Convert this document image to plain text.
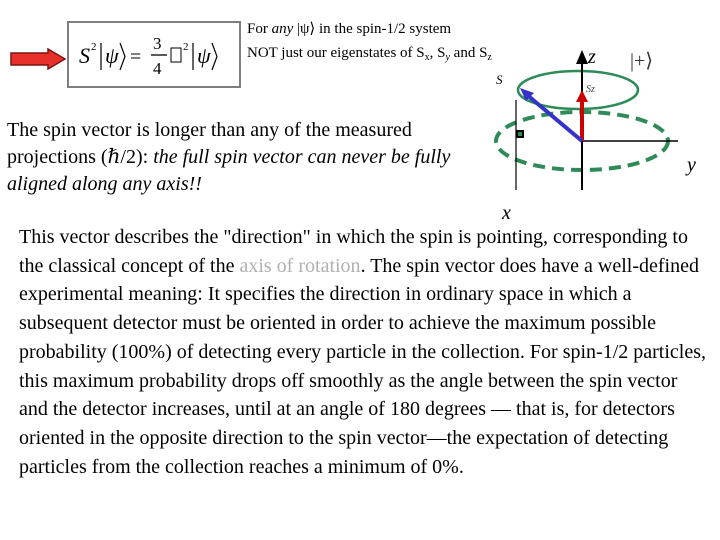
S 2 ψ =
3
4
2 ψ
For any |ψ⟩ in the spin-1/2 system
NOT just our eigenstates of $S_x$, $S_y$ and $S_z$	|+⟩
S
Sz
z
y
x
The spin vector is longer than any of the measured projections (ℏ/2): the full spin vector can never be fully aligned along any axis!!
This vector describes the "direction" in which the spin is pointing, corresponding to the classical concept of the axis of rotation. The spin vector does have a well-defined experimental meaning: It specifies the direction in ordinary space in which a subsequent detector must be oriented in order to achieve the maximum possible probability (100%) of detecting every particle in the collection. For spin-1/2 particles, this maximum probability drops off smoothly as the angle between the spin vector and the detector increases, until at an angle of 180 degrees — that is, for detectors oriented in the opposite direction to the spin vector—the expectation of detecting particles from the collection reaches a minimum of 0%.
